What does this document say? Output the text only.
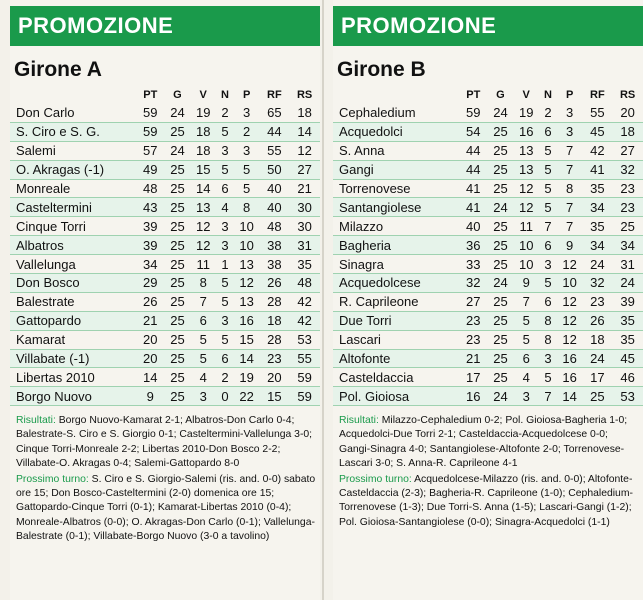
PROMOZIONE
Girone A
	PT	G	V	N	P	RF	RS
Don Carlo	59	24	19	2	3	65	18
S. Ciro e S. G.	59	25	18	5	2	44	14
Salemi	57	24	18	3	3	55	12
O. Akragas (-1)	49	25	15	5	5	50	27
Monreale	48	25	14	6	5	40	21
Casteltermini	43	25	13	4	8	40	30
Cinque Torri	39	25	12	3	10	48	30
Albatros	39	25	12	3	10	38	31
Vallelunga	34	25	11	1	13	38	35
Don Bosco	29	25	8	5	12	26	48
Balestrate	26	25	7	5	13	28	42
Gattopardo	21	25	6	3	16	18	42
Kamarat	20	25	5	5	15	28	53
Villabate (-1)	20	25	5	6	14	23	55
Libertas 2010	14	25	4	2	19	20	59
Borgo Nuovo	9	25	3	0	22	15	59

Risultati: Borgo Nuovo-Kamarat 2-1; Albatros-Don Carlo 0-4; Balestrate-S. Ciro e S. Giorgio 0-1; Casteltermini-Vallelunga 3-0; Cinque Torri-Monreale 2-2; Libertas 2010-Don Bosco 2-2; Villabate-O. Akragas 0-4; Salemi-Gattopardo 8-0

Prossimo turno: S. Ciro e S. Giorgio-Salemi (ris. and. 0-0) sabato ore 15; Don Bosco-Casteltermini (2-0) domenica ore 15; Gattopardo-Cinque Torri (0-1); Kamarat-Libertas 2010 (0-4); Monreale-Albatros (0-0); O. Akragas-Don Carlo (0-1); Vallelunga-Balestrate (0-1); Villabate-Borgo Nuovo (3-0 a tavolino)

PROMOZIONE
Girone B
	PT	G	V	N	P	RF	RS
Cephaledium	59	24	19	2	3	55	20
Acquedolci	54	25	16	6	3	45	18
S. Anna	44	25	13	5	7	42	27
Gangi	44	25	13	5	7	41	32
Torrenovese	41	25	12	5	8	35	23
Santangiolese	41	24	12	5	7	34	23
Milazzo	40	25	11	7	7	35	25
Bagheria	36	25	10	6	9	34	34
Sinagra	33	25	10	3	12	24	31
Acquedolcese	32	24	9	5	10	32	24
R. Caprileone	27	25	7	6	12	23	39
Due Torri	23	25	5	8	12	26	35
Lascari	23	25	5	8	12	18	35
Altofonte	21	25	6	3	16	24	45
Casteldaccia	17	25	4	5	16	17	46
Pol. Gioiosa	16	24	3	7	14	25	53

Risultati: Milazzo-Cephaledium 0-2; Pol. Gioiosa-Bagheria 1-0; Acquedolci-Due Torri 2-1; Casteldaccia-Acquedolcese 0-0; Gangi-Sinagra 4-0; Santangiolese-Altofonte 2-0; Torrenovese-Lascari 3-0; S. Anna-R. Caprileone 4-1

Prossimo turno: Acquedolcese-Milazzo (ris. and. 0-0); Altofonte-Casteldaccia (2-3); Bagheria-R. Caprileone (1-0); Cephaledium-Torrenovese (1-3); Due Torri-S. Anna (1-5); Lascari-Gangi (1-2); Pol. Gioiosa-Santangiolese (0-0); Sinagra-Acquedolci (1-1)
